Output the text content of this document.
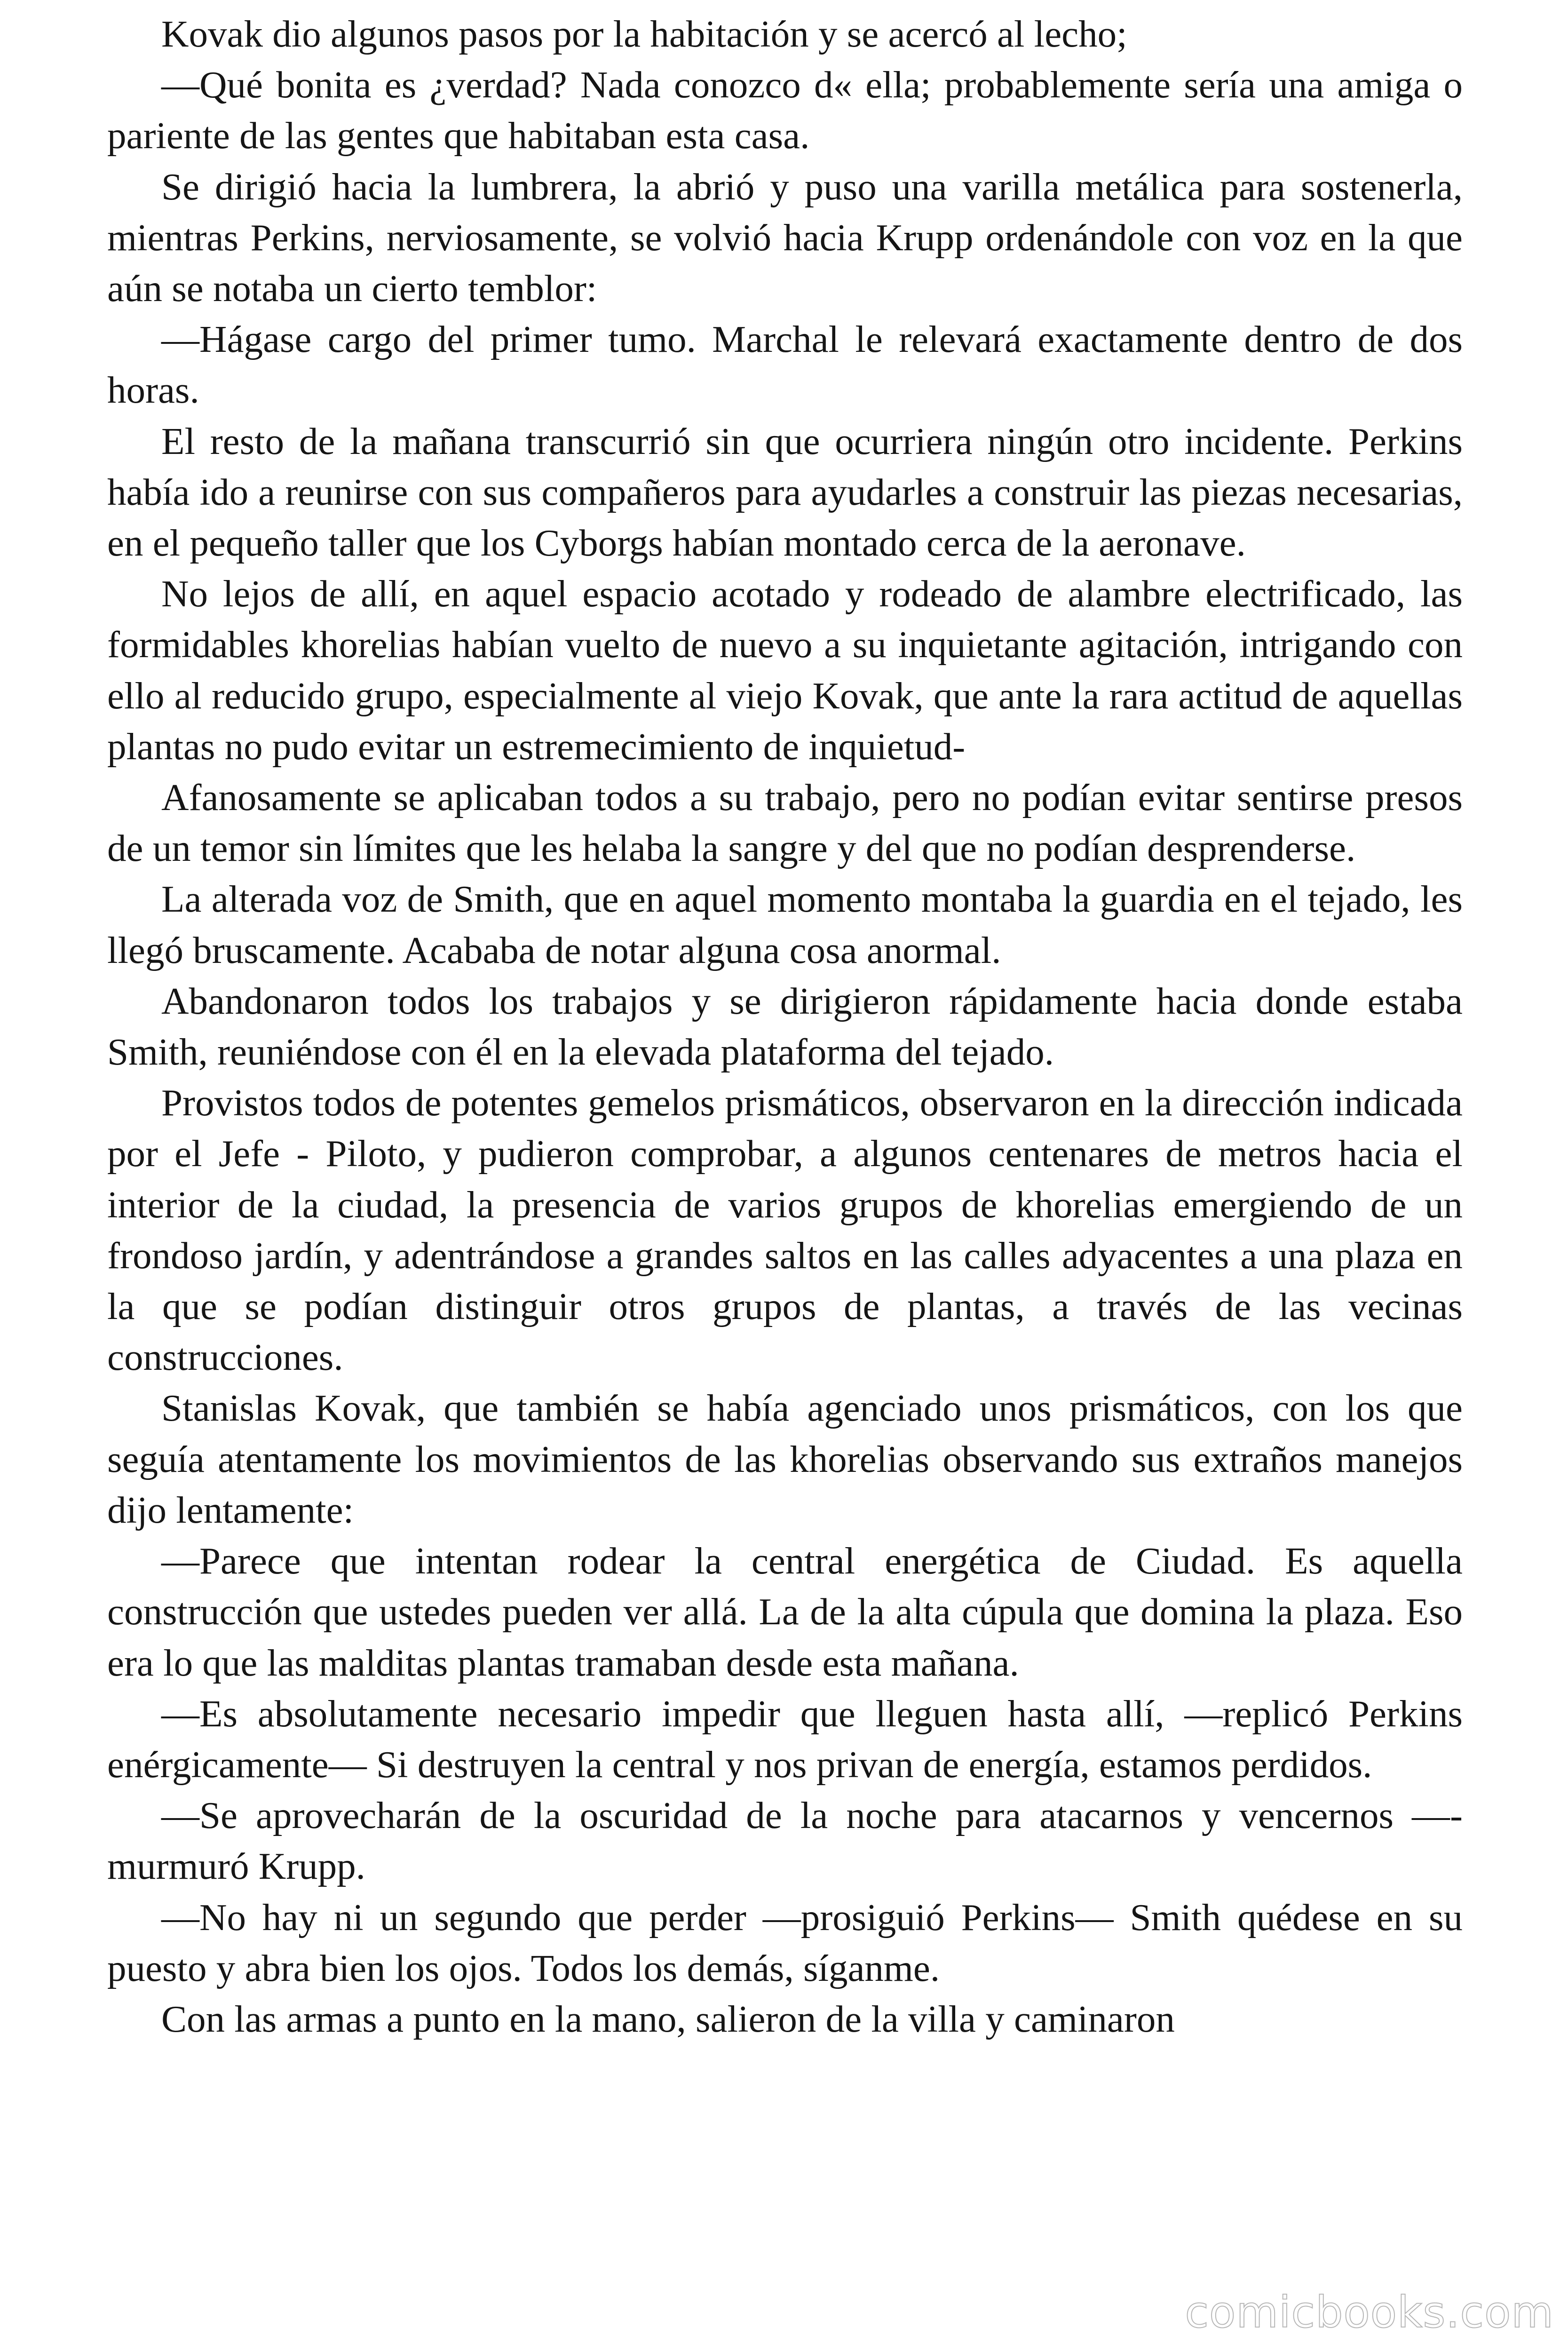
Kovak dio algunos pasos por la habitación y se acercó al lecho;

—Qué bonita es ¿verdad? Nada conozco d« ella; probablemente sería una amiga o pariente de las gentes que habitaban esta casa.

Se dirigió hacia la lumbrera, la abrió y puso una varilla metálica para sostenerla, mientras Perkins, nerviosamente, se volvió hacia Krupp ordenándole con voz en la que aún se notaba un cierto temblor:

—Hágase cargo del primer tumo. Marchal le relevará exactamente dentro de dos horas.

El resto de la mañana transcurrió sin que ocurriera ningún otro incidente. Perkins había ido a reunirse con sus compañeros para ayudarles a construir las piezas necesarias, en el pequeño taller que los Cyborgs habían montado cerca de la aeronave.

No lejos de allí, en aquel espacio acotado y rodeado de alambre electrificado, las formidables khorelias habían vuelto de nuevo a su inquietante agitación, intrigando con ello al reducido grupo, especialmente al viejo Kovak, que ante la rara actitud de aquellas plantas no pudo evitar un estremecimiento de inquietud-

Afanosamente se aplicaban todos a su trabajo, pero no podían evitar sentirse presos de un temor sin límites que les helaba la sangre y del que no podían desprenderse.

La alterada voz de Smith, que en aquel momento montaba la guardia en el tejado, les llegó bruscamente. Acababa de notar alguna cosa anormal.

Abandonaron todos los trabajos y se dirigieron rápidamente hacia donde estaba Smith, reuniéndose con él en la elevada plataforma del tejado.

Provistos todos de potentes gemelos prismáticos, observaron en la dirección indicada por el Jefe - Piloto, y pudieron comprobar, a algunos centenares de metros hacia el interior de la ciudad, la presencia de varios grupos de khorelias emergiendo de un frondoso jardín, y adentrándose a grandes saltos en las calles adyacentes a una plaza en la que se podían distinguir otros grupos de plantas, a través de las vecinas construcciones.

Stanislas Kovak, que también se había agenciado unos prismáticos, con los que seguía atentamente los movimientos de las khorelias observando sus extraños manejos dijo lentamente:

—Parece que intentan rodear la central energética de Ciudad. Es aquella construcción que ustedes pueden ver allá. La de la alta cúpula que domina la plaza. Eso era lo que las malditas plantas tramaban desde esta mañana.

—Es absolutamente necesario impedir que lleguen hasta allí, —replicó Perkins enérgicamente— Si destruyen la central y nos privan de energía, estamos perdidos.

—Se aprovecharán de la oscuridad de la noche para atacarnos y vencernos —- murmuró Krupp.

—No hay ni un segundo que perder —prosiguió Perkins— Smith quédese en su puesto y abra bien los ojos. Todos los demás, síganme.

Con las armas a punto en la mano, salieron de la villa y caminaron

comicbooks.com
